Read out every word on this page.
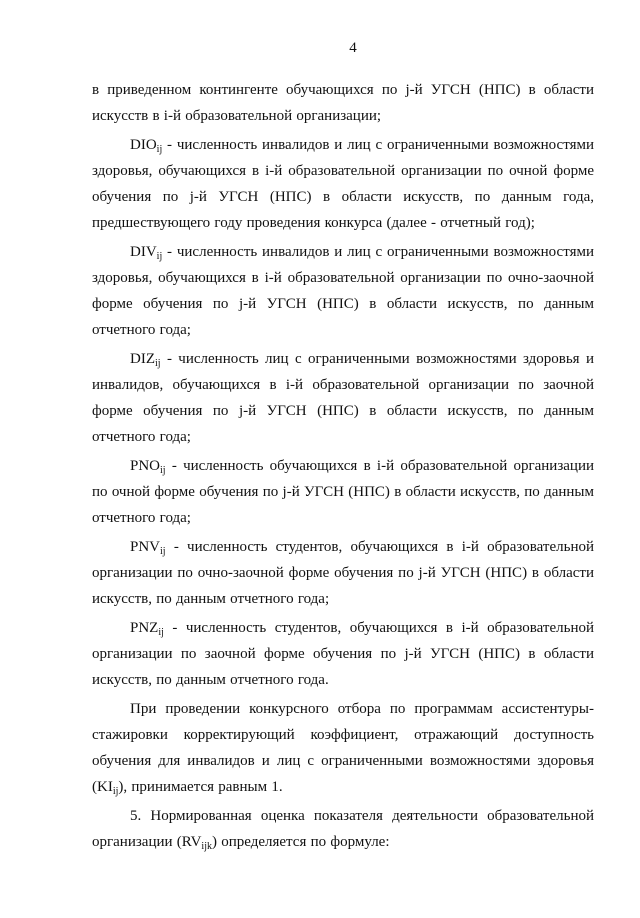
4

в приведенном контингенте обучающихся по j-й УГСН (НПС) в области искусств в i-й образовательной организации;

$DIO_{ij}$ - численность инвалидов и лиц с ограниченными возможностями здоровья, обучающихся в i-й образовательной организации по очной форме обучения по j-й УГСН (НПС) в области искусств, по данным года, предшествующего году проведения конкурса (далее - отчетный год);

$DIV_{ij}$ - численность инвалидов и лиц с ограниченными возможностями здоровья, обучающихся в i-й образовательной организации по очно-заочной форме обучения по j-й УГСН (НПС) в области искусств, по данным отчетного года;

$DIZ_{ij}$ - численность лиц с ограниченными возможностями здоровья и инвалидов, обучающихся в i-й образовательной организации по заочной форме обучения по j-й УГСН (НПС) в области искусств, по данным отчетного года;

$PNO_{ij}$ - численность обучающихся в i-й образовательной организации по очной форме обучения по j-й УГСН (НПС) в области искусств, по данным отчетного года;

$PNV_{ij}$ - численность студентов, обучающихся в i-й образовательной организации по очно-заочной форме обучения по j-й УГСН (НПС) в области искусств, по данным отчетного года;

$PNZ_{ij}$ - численность студентов, обучающихся в i-й образовательной организации по заочной форме обучения по j-й УГСН (НПС) в области искусств, по данным отчетного года.

При проведении конкурсного отбора по программам ассистентуры-стажировки корректирующий коэффициент, отражающий доступность обучения для инвалидов и лиц с ограниченными возможностями здоровья $(KI_{ij})$, принимается равным 1.

5. Нормированная оценка показателя деятельности образовательной организации $(RV_{ijk})$ определяется по формуле:
